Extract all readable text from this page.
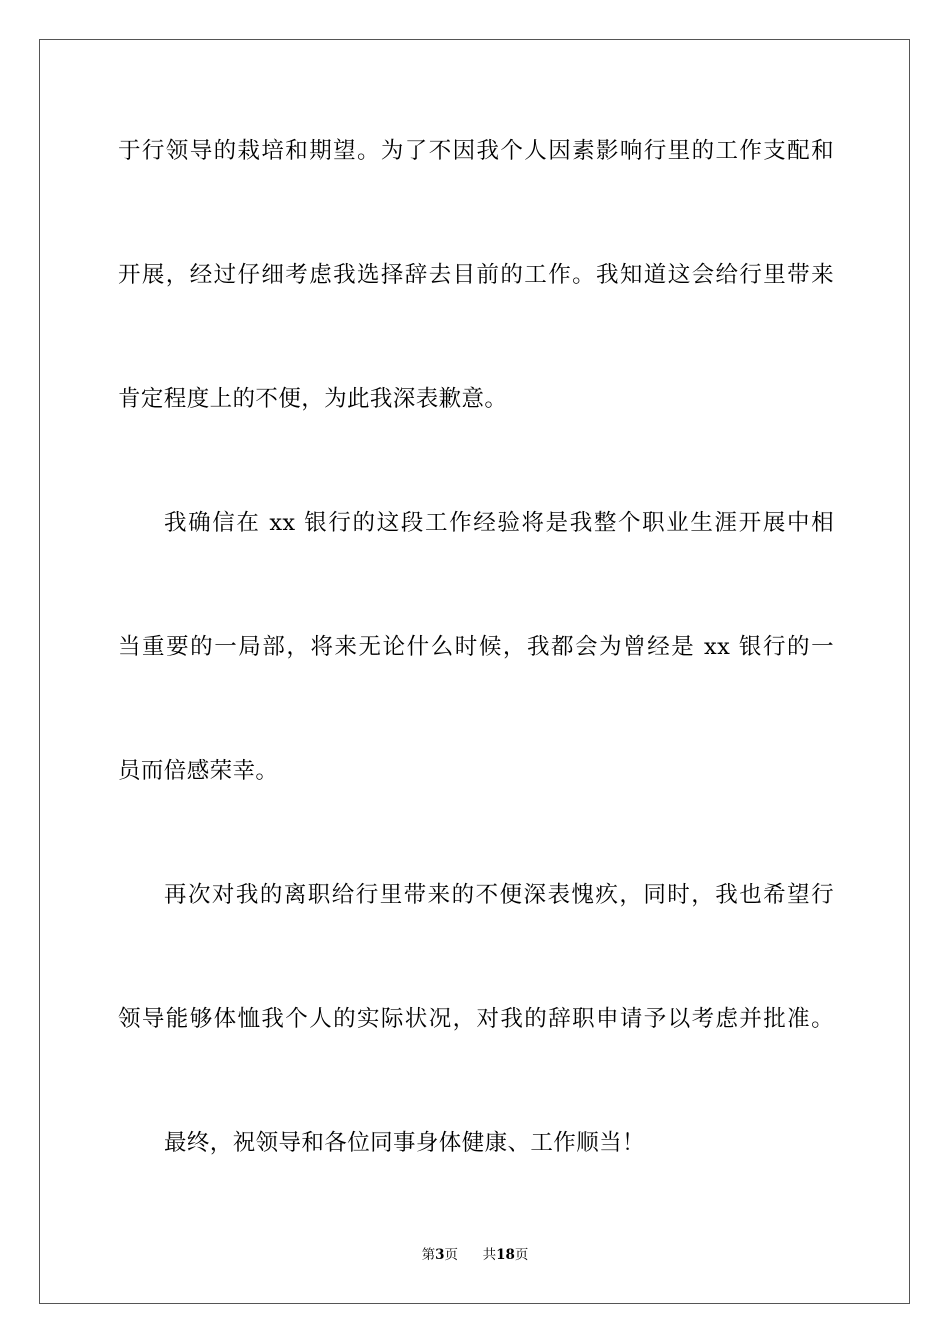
于行领导的栽培和期望。为了不因我个人因素影响行里的工作支配和
开展，经过仔细考虑我选择辞去目前的工作。我知道这会给行里带来
肯定程度上的不便，为此我深表歉意。
我确信在 xx 银行的这段工作经验将是我整个职业生涯开展中相
当重要的一局部，将来无论什么时候，我都会为曾经是 xx 银行的一
员而倍感荣幸。
再次对我的离职给行里带来的不便深表愧疚，同时，我也希望行
领导能够体恤我个人的实际状况，对我的辞职申请予以考虑并批准。
最终，祝领导和各位同事身体健康、工作顺当！
第3页 共18页
